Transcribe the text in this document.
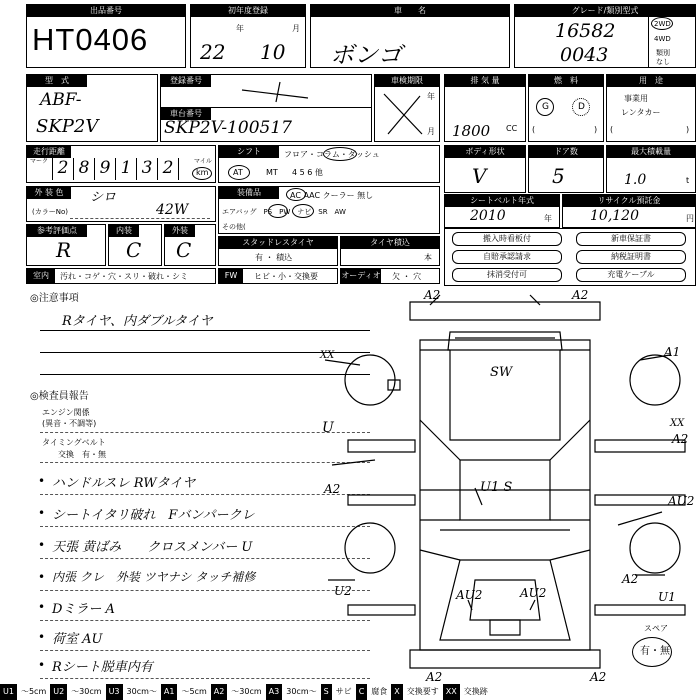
出品番号
HT0406
初年度登録
年	月
22 10
車　　名
ボンゴ
グレード/類別型式
16582
0043
2WD
4WD
類別
なし
型　式
ABF-
SKP2V
登録番号
車台番号
SKP2V-100517
車検期限
年
月
排 気 量
1800 CC
燃　料
G	D
(	)
用　途
事業用
レンタカー
(	)
走行距離
マーク 2 8 9 1 3 2	マイル
km
シフト	フロア・コラム・ダッシュ
AT	MT 4 5 6 他
ボディ形状
V
ドア数
5
最大積載量
1.0	t
外 装 色	シロ
(カラーNo)	42W
装備品	AC AAC クーラー 無し
エアバッグ　PS　PW　ナビ　SR　AW
その他(
シートベルト年式
2010	年
リサイクル預託金
10,120	円
参考評価点
R
内装
C
外装
C	スタッドレスタイヤ
有 ・ 積込
タイヤ積込
本
搬入時看板付	新車保証書
自賠承認請求	納税証明書
抹消受付可	充電ケーブル
室内	汚れ・コゲ・穴・スリ・破れ・シミ	FW	ヒビ・小・交換要	オーディオ 欠 ・ 穴
◎注意事項
Rタイヤ、内ダブルタイヤ
◎検査員報告
エンジン関係
(異音・不調等)
タイミングベルト
交換　有・無
• ハンドルスレ RWタイヤ
• シートイタリ破れ　Fバンパークレ
• 天張 黄ばみ　　クロスメンバー U
• 内張 クレ　外装 ツヤナシ タッチ補修
• Dミラー A
• 荷室 AU
• Rシート脱車内有
A2	A2
XX	A1
SW
U	XX
A2
A2	U1 S
AU2
U2	AU2	AU2
A2
U1
A2	A2
スペア
有・無
U1 ～5cm U2 ～30cm U3 30cm～ A1 ～5cm A2 ～30cm A3 30cm～ S サビ C 腐食 X 交換要す XX 交換跡
